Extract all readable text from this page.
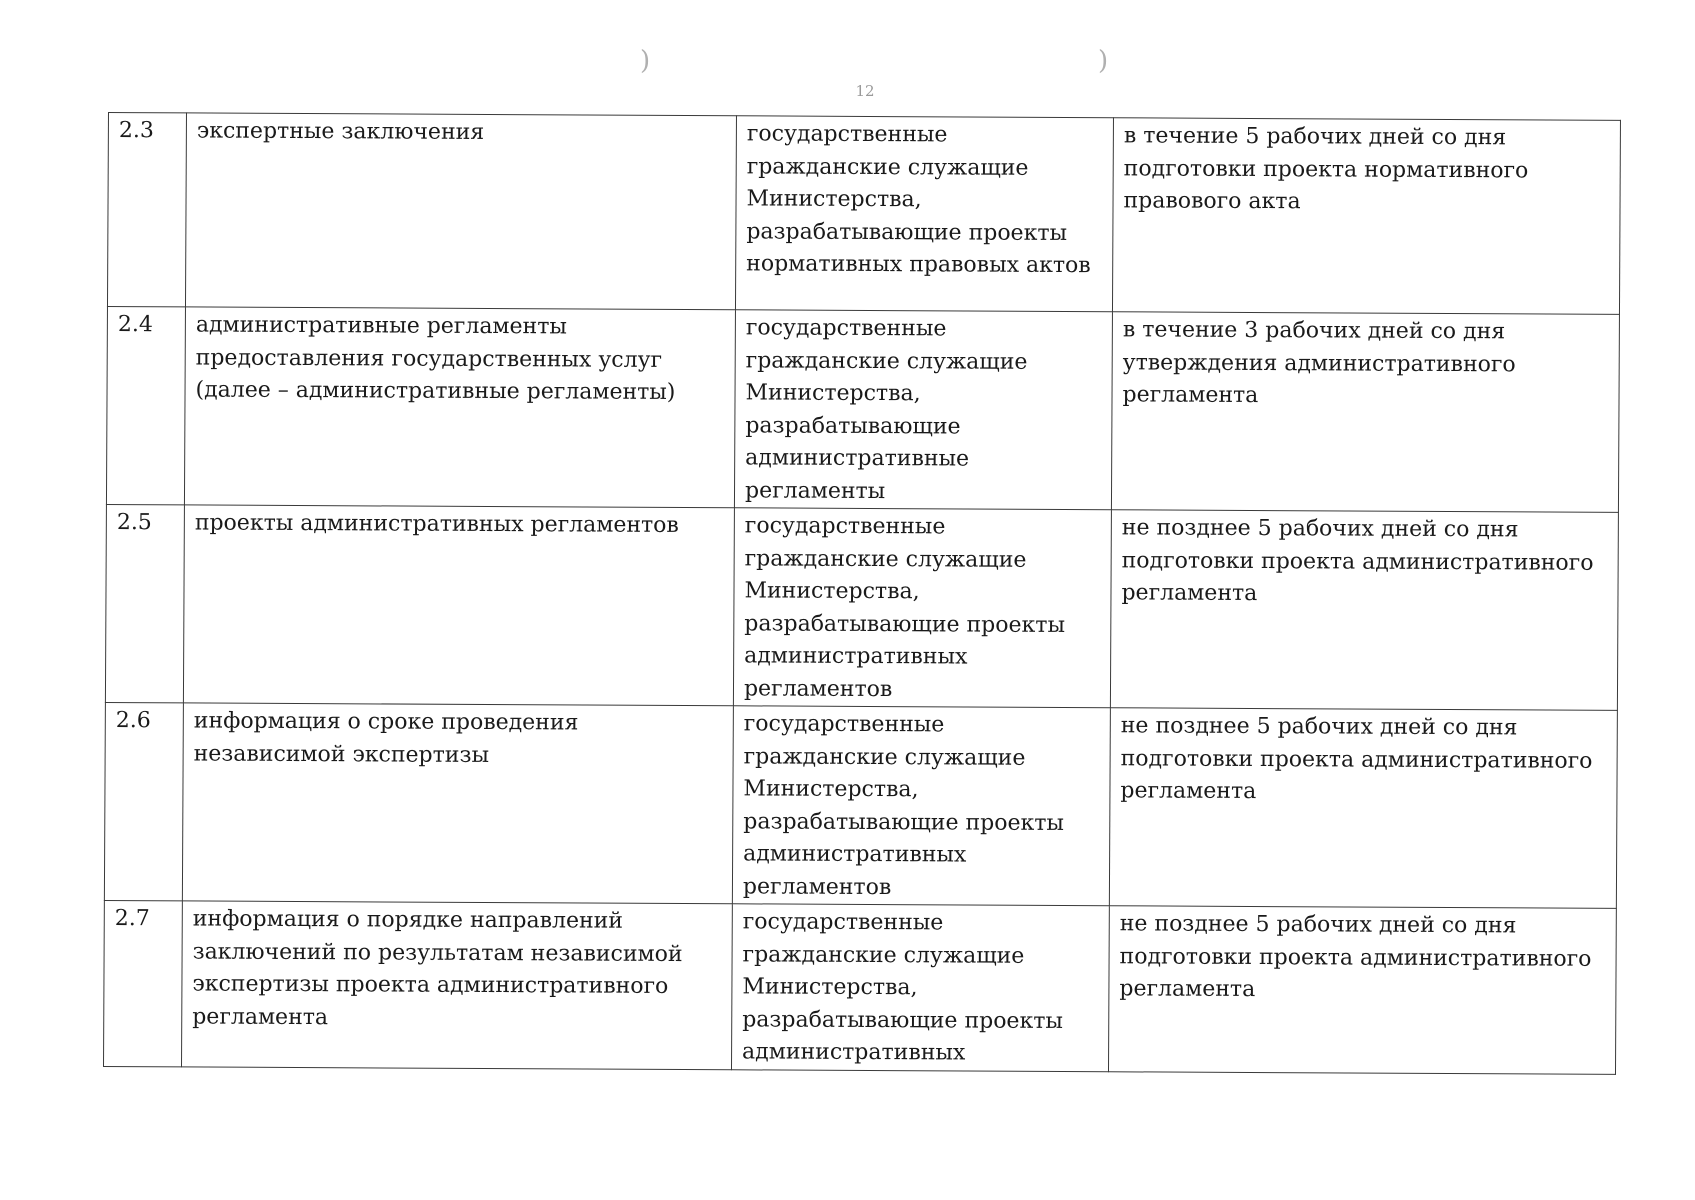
)	)
12
2.3	экспертные заключения	государственные гражданские служащие Министерства, разрабатывающие проекты нормативных правовых актов	в течение 5 рабочих дней со дня подготовки проекта нормативного правового акта
2.4	административные регламенты предоставления государственных услуг (далее – административные регламенты)	государственные гражданские служащие Министерства, разрабатывающие административные регламенты	в течение 3 рабочих дней со дня утверждения административного регламента
2.5	проекты административных регламентов	государственные гражданские служащие Министерства, разрабатывающие проекты административных регламентов	не позднее 5 рабочих дней со дня подготовки проекта административного регламента
2.6	информация о сроке проведения независимой экспертизы	государственные гражданские служащие Министерства, разрабатывающие проекты административных регламентов	не позднее 5 рабочих дней со дня подготовки проекта административного регламента
2.7	информация о порядке направлений заключений по результатам независимой экспертизы проекта административного регламента	государственные гражданские служащие Министерства, разрабатывающие проекты административных	не позднее 5 рабочих дней со дня подготовки проекта административного регламента
